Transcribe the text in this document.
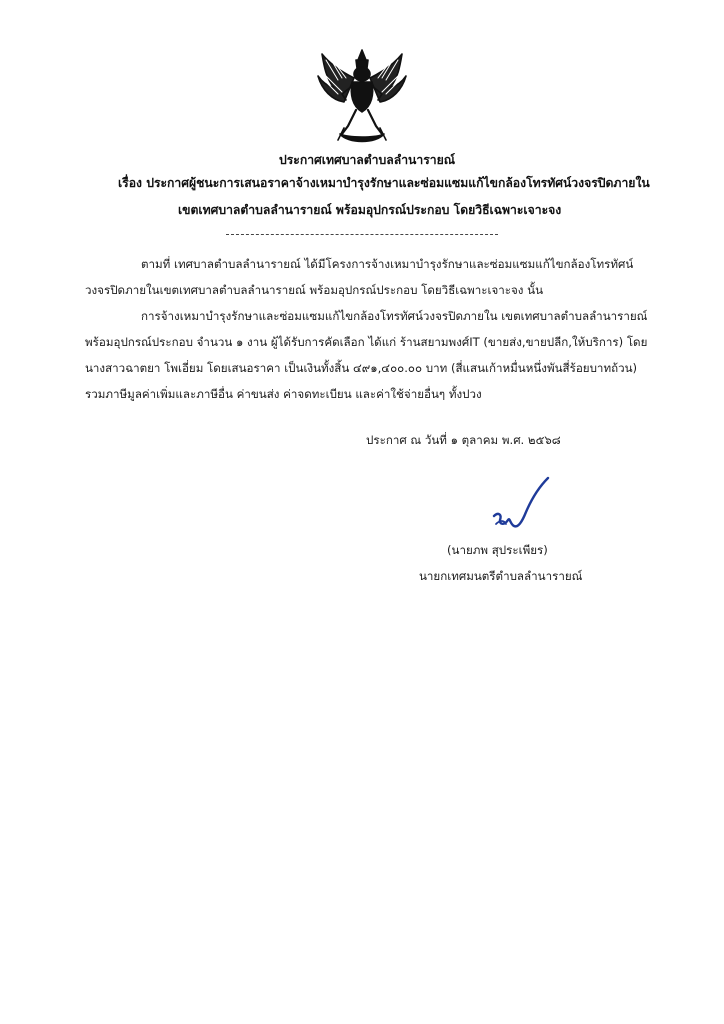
ประกาศเทศบาลตำบลลำนารายณ์
เรื่อง ประกาศผู้ชนะการเสนอราคาจ้างเหมาบำรุงรักษาและซ่อมแซมแก้ไขกล้องโทรทัศน์วงจรปิดภายใน
เขตเทศบาลตำบลลำนารายณ์ พร้อมอุปกรณ์ประกอบ โดยวิธีเฉพาะเจาะจง
ตามที่ เทศบาลตำบลลำนารายณ์ ได้มีโครงการจ้างเหมาบำรุงรักษาและซ่อมแซมแก้ไขกล้องโทรทัศน์
วงจรปิดภายในเขตเทศบาลตำบลลำนารายณ์ พร้อมอุปกรณ์ประกอบ โดยวิธีเฉพาะเจาะจง นั้น
การจ้างเหมาบำรุงรักษาและซ่อมแซมแก้ไขกล้องโทรทัศน์วงจรปิดภายใน เขตเทศบาลตำบลลำนารายณ์
พร้อมอุปกรณ์ประกอบ จำนวน ๑ งาน ผู้ได้รับการคัดเลือก ได้แก่ ร้านสยามพงศ์IT (ขายส่ง,ขายปลีก,ให้บริการ) โดย
นางสาวฉาตยา โพเอี่ยม โดยเสนอราคา เป็นเงินทั้งสิ้น ๔๙๑,๔๐๐.๐๐ บาท (สี่แสนเก้าหมื่นหนึ่งพันสี่ร้อยบาทถ้วน)
รวมภาษีมูลค่าเพิ่มและภาษีอื่น ค่าขนส่ง ค่าจดทะเบียน และค่าใช้จ่ายอื่นๆ ทั้งปวง
ประกาศ ณ วันที่ ๑ ตุลาคม พ.ศ. ๒๕๖๘
(นายภพ สุประเพียร)
นายกเทศมนตรีตำบลลำนารายณ์
